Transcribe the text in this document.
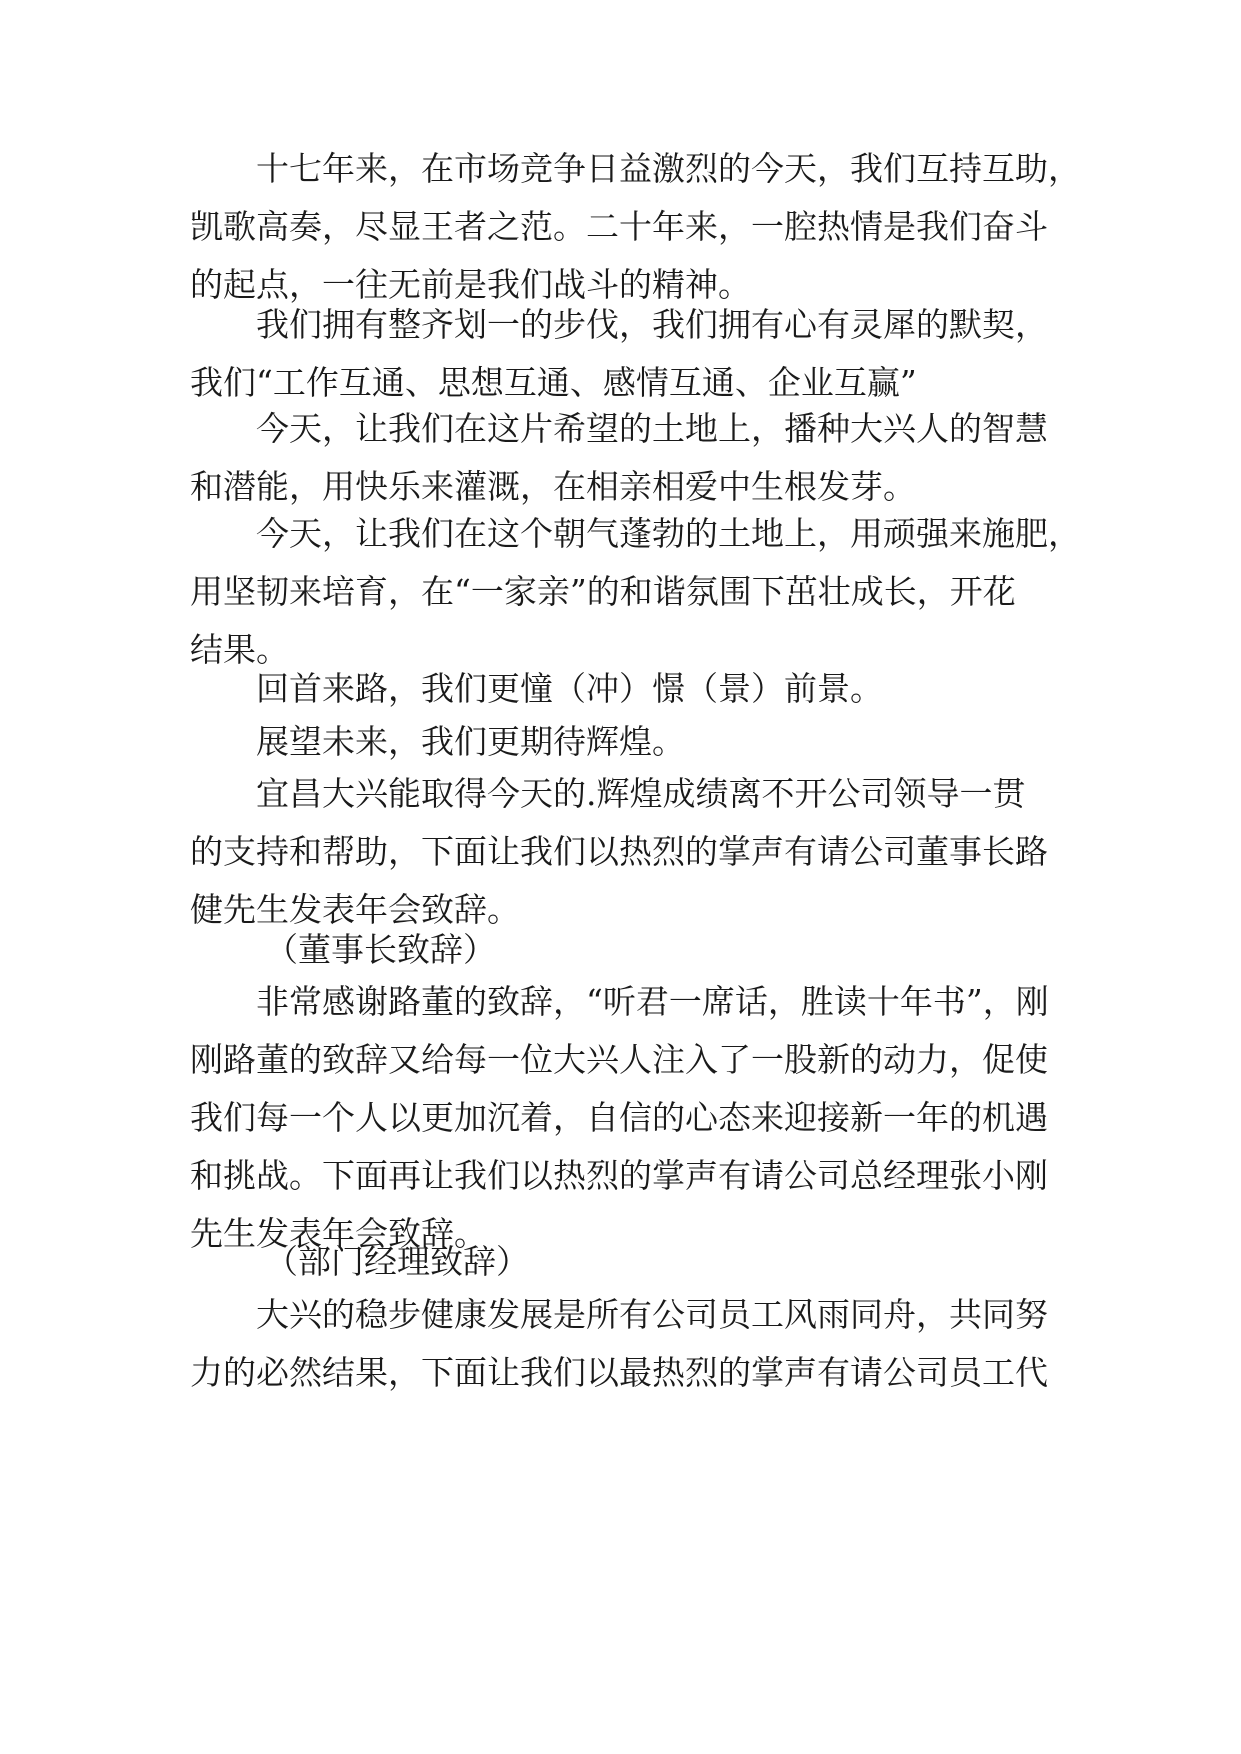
十七年来，在市场竞争日益激烈的今天，我们互持互助，
凯歌高奏，尽显王者之范。二十年来，一腔热情是我们奋斗
的起点，一往无前是我们战斗的精神。
我们拥有整齐划一的步伐，我们拥有心有灵犀的默契，
我们“工作互通、思想互通、感情互通、企业互赢”
今天，让我们在这片希望的土地上，播种大兴人的智慧
和潜能，用快乐来灌溉，在相亲相爱中生根发芽。
今天，让我们在这个朝气蓬勃的土地上，用顽强来施肥，
用坚韧来培育，在“一家亲”的和谐氛围下茁壮成长，开花
结果。
回首来路，我们更憧（冲）憬（景）前景。
展望未来，我们更期待辉煌。
宜昌大兴能取得今天的.辉煌成绩离不开公司领导一贯
的支持和帮助，下面让我们以热烈的掌声有请公司董事长路
健先生发表年会致辞。
（董事长致辞）
非常感谢路董的致辞，“听君一席话，胜读十年书”，刚
刚路董的致辞又给每一位大兴人注入了一股新的动力，促使
我们每一个人以更加沉着，自信的心态来迎接新一年的机遇
和挑战。下面再让我们以热烈的掌声有请公司总经理张小刚
先生发表年会致辞。
（部门经理致辞）
大兴的稳步健康发展是所有公司员工风雨同舟，共同努
力的必然结果，下面让我们以最热烈的掌声有请公司员工代
